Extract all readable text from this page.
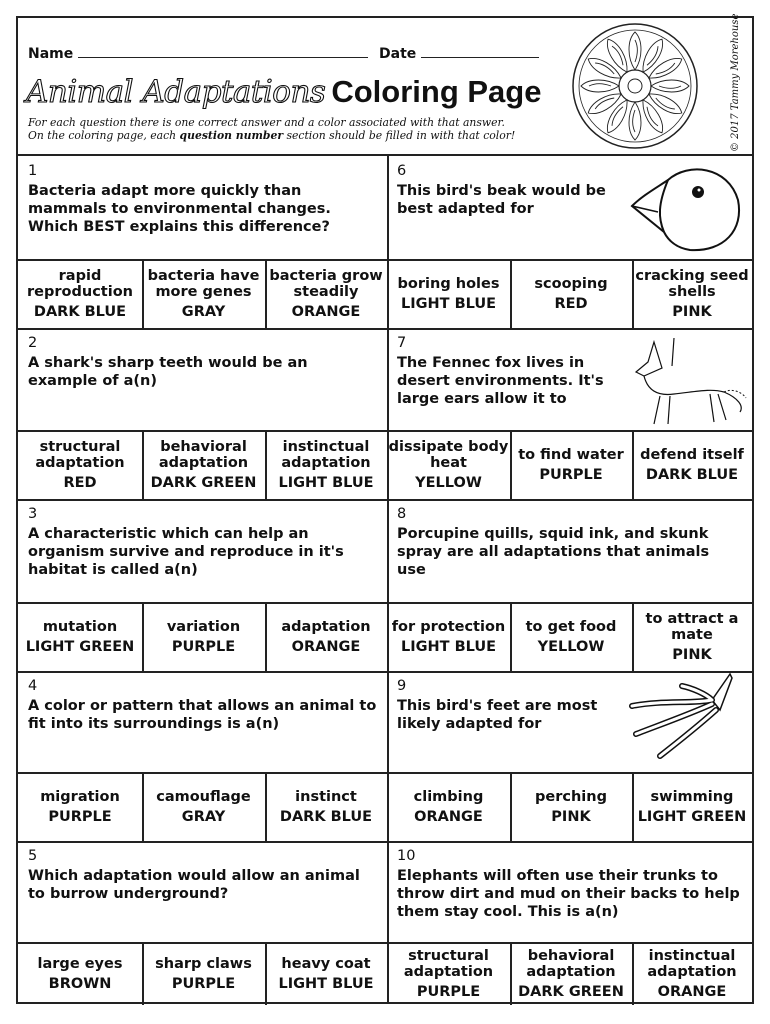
Name	Date
Animal Adaptations Coloring Page
For each question there is one correct answer and a color associated with that answer.
On the coloring page, each question number section should be filled in with that color!	© 2017 Tammy Morehouse
1
Bacteria adapt more quickly than mammals to environmental changes. Which BEST explains this difference?
rapid reproduction
DARK BLUE
bacteria have more genes
GRAY
bacteria grow steadily
ORANGE
6
This bird's beak would be best adapted for
boring holes
LIGHT BLUE
scooping
RED
cracking seed shells
PINK
2
A shark's sharp teeth would be an example of a(n)
structural adaptation
RED
behavioral adaptation
DARK GREEN
instinctual adaptation
LIGHT BLUE
7
The Fennec fox lives in desert environments. It's large ears allow it to
dissipate body heat
YELLOW
to find water
PURPLE
defend itself
DARK BLUE
3
A characteristic which can help an organism survive and reproduce in it's habitat is called a(n)
mutation
LIGHT GREEN
variation
PURPLE
adaptation
ORANGE
8
Porcupine quills, squid ink, and skunk spray are all adaptations that animals use
for protection
LIGHT BLUE
to get food
YELLOW
to attract a mate
PINK
4
A color or pattern that allows an animal to fit into its surroundings is a(n)
migration
PURPLE
camouflage
GRAY
instinct
DARK BLUE
9
This bird's feet are most likely adapted for
climbing
ORANGE
perching
PINK
swimming
LIGHT GREEN
5
Which adaptation would allow an animal to burrow underground?
large eyes
BROWN
sharp claws
PURPLE
heavy coat
LIGHT BLUE
10
Elephants will often use their trunks to throw dirt and mud on their backs to help them stay cool. This is a(n)
structural adaptation
PURPLE
behavioral adaptation
DARK GREEN
instinctual adaptation
ORANGE
